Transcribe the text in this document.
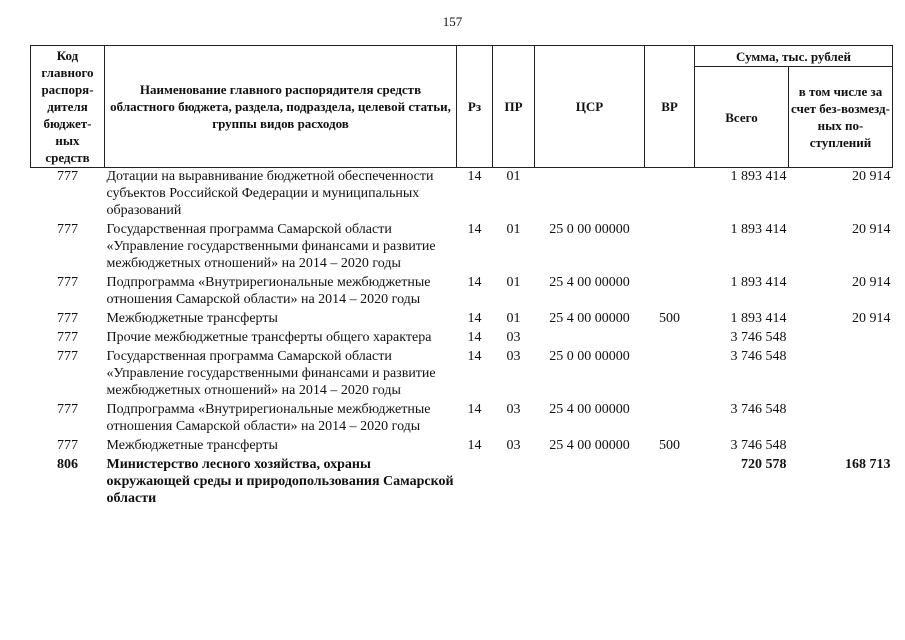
157
Код главного распоря-дителя бюджет-ных средств	Наименование главного распорядителя средств областного бюджета, раздела, подраздела, целевой статьи, группы видов расходов	Рз	ПР	ЦСР	ВР	Сумма, тыс. рублей	
						Всего	в том числе за счет без-возмезд-ных по-ступлений
777	Дотации на выравнивание бюджетной обеспеченности субъектов Российской Федерации и муниципальных образований	14	01			1 893 414	20 914
777	Государственная программа Самарской области «Управление государственными финансами и развитие межбюджетных отношений» на 2014 – 2020 годы	14	01	25 0 00 00000		1 893 414	20 914
777	Подпрограмма «Внутрирегиональные межбюджетные отношения Самарской области» на 2014 – 2020 годы	14	01	25 4 00 00000		1 893 414	20 914
777	Межбюджетные трансферты	14	01	25 4 00 00000	500	1 893 414	20 914
777	Прочие межбюджетные трансферты общего характера	14	03			3 746 548	
777	Государственная программа Самарской области «Управление государственными финансами и развитие межбюджетных отношений» на 2014 – 2020 годы	14	03	25 0 00 00000		3 746 548	
777	Подпрограмма «Внутрирегиональные межбюджетные отношения Самарской области» на 2014 – 2020 годы	14	03	25 4 00 00000		3 746 548	
777	Межбюджетные трансферты	14	03	25 4 00 00000	500	3 746 548	
806	Министерство лесного хозяйства, охраны окружающей среды и природопользования Самарской области					720 578	168 713
